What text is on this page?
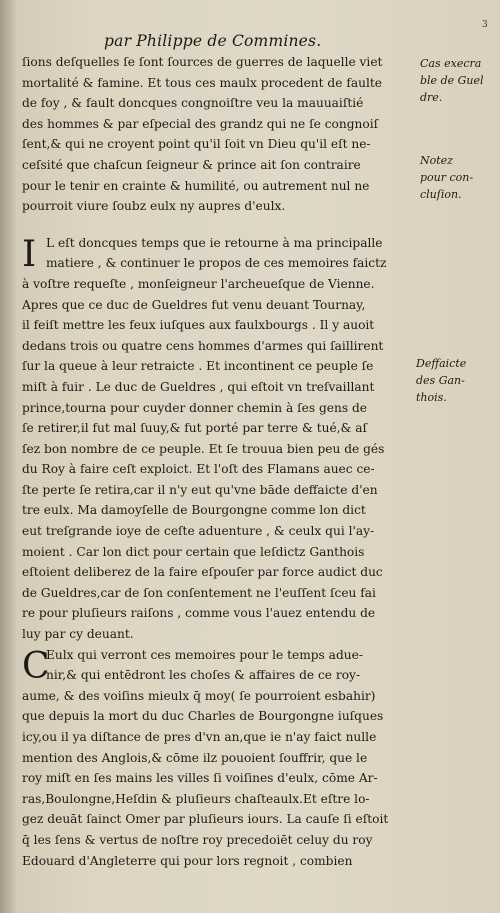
3
par Philippe de Commines.
ſions deſquelles ſe ſont ſources de guerres de laquelle viet
mortalité & famine. Et tous ces maulx procedent de faulte
de foy , & fault doncques congnoiſtre veu la mauuaiſtié
des hommes & par eſpecial des grandz qui ne ſe congnoiſ
ſent,& qui ne croyent point qu'il ſoit vn Dieu qu'il eſt ne-
ceſsité que chaſcun ſeigneur & prince ait ſon contraire
pour le tenir en crainte & humilité, ou autrement nul ne
pourroit viure ſoubz eulx ny aupres d'eulx.
I L eſt doncques temps que ie retourne à ma principalle
matiere , & continuer le propos de ces memoires faictz
à voſtre requeſte , monſeigneur l'archeueſque de Vienne.
Apres que ce duc de Gueldres fut venu deuant Tournay,
il feiſt mettre les feux iuſques aux faulxbourgs . Il y auoit
dedans trois ou quatre cens hommes d'armes qui ſaillirent
ſur la queue à leur retraicte . Et incontinent ce peuple ſe
miſt à fuir . Le duc de Gueldres , qui eſtoit vn treſvaillant
prince,tourna pour cuyder donner chemin à ſes gens de
ſe retirer,il fut mal ſuuy,& fut porté par terre & tué,& aſ
ſez bon nombre de ce peuple. Et ſe trouua bien peu de gés
du Roy à faire ceſt exploict. Et l'oſt des Flamans auec ce-
ſte perte ſe retira,car il n'y eut qu'vne bāde deffaicte d'en
tre eulx. Ma damoyſelle de Bourgongne comme lon dict
eut treſgrande ioye de ceſte aduenture , & ceulx qui l'ay-
moient . Car lon dict pour certain que leſdictz Ganthois
eſtoient deliberez de la faire eſpouſer par force audict duc
de Gueldres,car de ſon conſentement ne l'euſſent ſceu fai
re pour pluſieurs raiſons , comme vous l'auez entendu de
luy par cy deuant.
C
Eulx qui verront ces memoires pour le temps adue-
nir,& qui entēdront les choſes & affaires de ce roy-
aume, & des voiſins mieulx q̄ moy( ſe pourroient esbahir)
que depuis la mort du duc Charles de Bourgongne iuſques
icy,ou il ya diſtance de pres d'vn an,que ie n'ay faict nulle
mention des Anglois,& cōme ilz pouoient ſouffrir, que le
roy miſt en ſes mains les villes ſi voiſines d'eulx, cōme Ar-
ras,Boulongne,Heſdin & pluſieurs chaſteaulx.Et eſtre lo-
gez deuāt ſainct Omer par pluſieurs iours. La cauſe ſi eſtoit
q̄ les ſens & vertus de noſtre roy precedoiēt celuy du roy
Edouard d'Angleterre qui pour lors regnoit , combien
Cas execra
ble de Guel
dre.
Notez
pour con-
cluſion.
Deffaicte
des Gan-
thois.
